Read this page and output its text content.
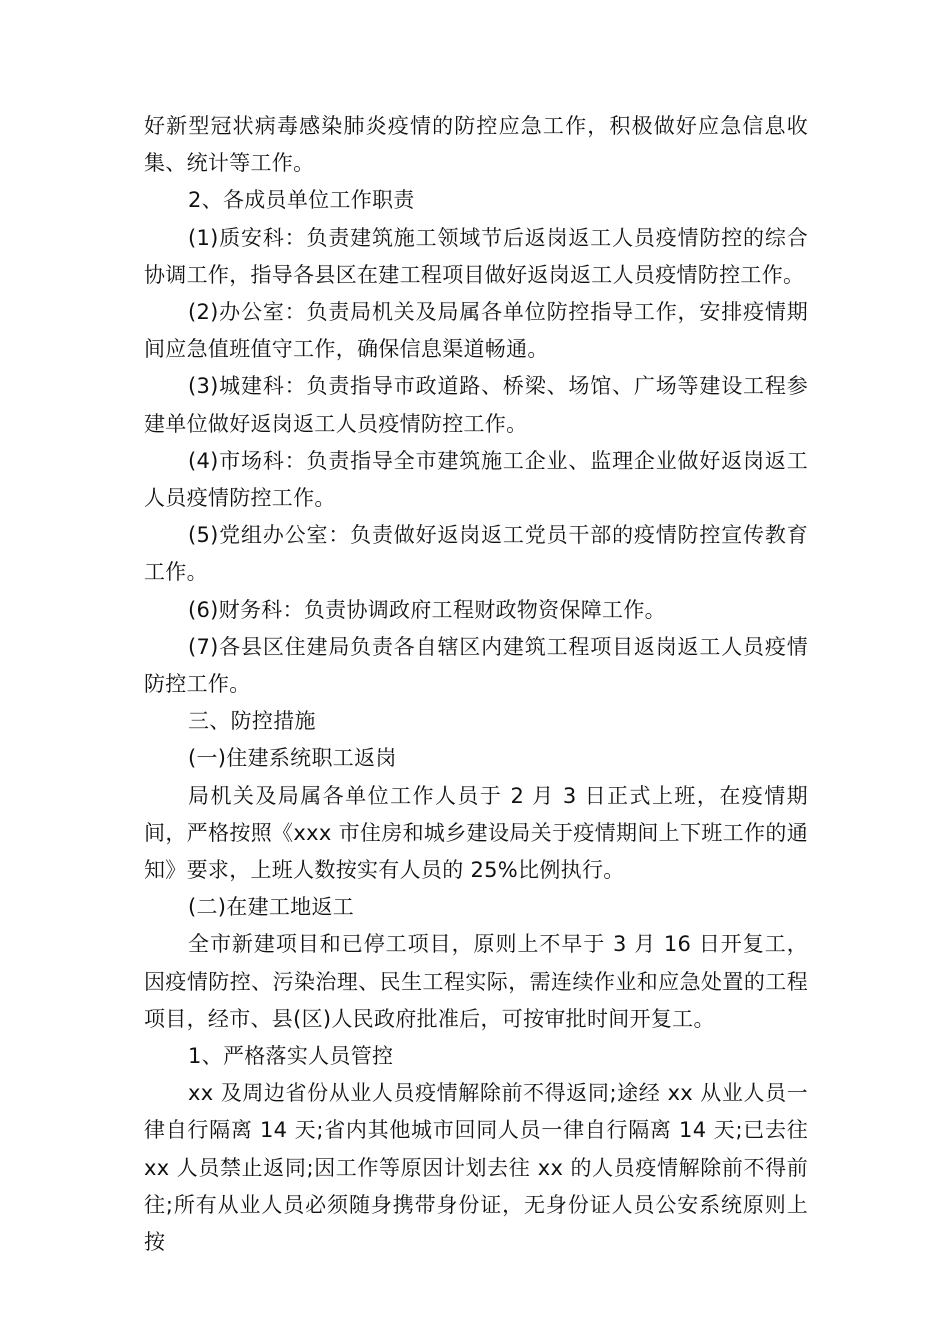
好新型冠状病毒感染肺炎疫情的防控应急工作，积极做好应急信息收集、统计等工作。

2、各成员单位工作职责

(1)质安科：负责建筑施工领域节后返岗返工人员疫情防控的综合协调工作，指导各县区在建工程项目做好返岗返工人员疫情防控工作。

(2)办公室：负责局机关及局属各单位防控指导工作，安排疫情期间应急值班值守工作，确保信息渠道畅通。

(3)城建科：负责指导市政道路、桥梁、场馆、广场等建设工程参建单位做好返岗返工人员疫情防控工作。

(4)市场科：负责指导全市建筑施工企业、监理企业做好返岗返工人员疫情防控工作。

(5)党组办公室：负责做好返岗返工党员干部的疫情防控宣传教育工作。

(6)财务科：负责协调政府工程财政物资保障工作。

(7)各县区住建局负责各自辖区内建筑工程项目返岗返工人员疫情防控工作。

三、防控措施

(一)住建系统职工返岗

局机关及局属各单位工作人员于 2 月 3 日正式上班，在疫情期间，严格按照《xxx 市住房和城乡建设局关于疫情期间上下班工作的通知》要求，上班人数按实有人员的 25%比例执行。

(二)在建工地返工

全市新建项目和已停工项目，原则上不早于 3 月 16 日开复工，因疫情防控、污染治理、民生工程实际，需连续作业和应急处置的工程项目，经市、县(区)人民政府批准后，可按审批时间开复工。

1、严格落实人员管控

xx 及周边省份从业人员疫情解除前不得返同;途经 xx 从业人员一律自行隔离 14 天;省内其他城市回同人员一律自行隔离 14 天;已去往 xx 人员禁止返同;因工作等原因计划去往 xx 的人员疫情解除前不得前往;所有从业人员必须随身携带身份证，无身份证人员公安系统原则上按
